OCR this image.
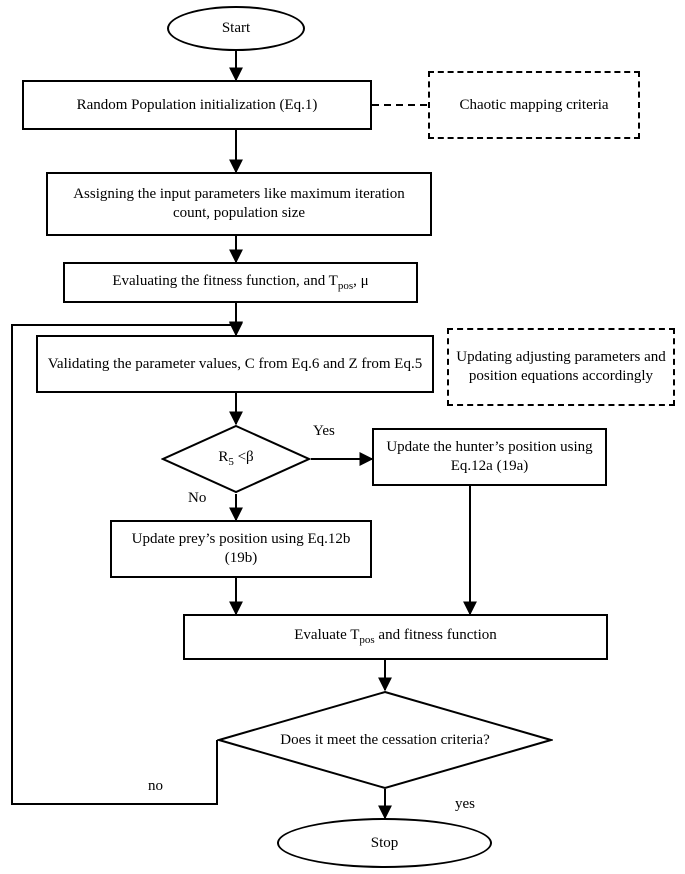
Start
Random Population initialization (Eq.1)	Chaotic mapping criteria
Assigning the input parameters like maximum iteration count, population size
Evaluating the fitness function, and $T_{pos}$, μ
Validating the parameter values, C from Eq.6 and Z from Eq.5	Updating adjusting parameters and position equations accordingly
$R_5 <\beta$
Yes
No
Update the hunter’s position using Eq.12a (19a)
Update prey’s position using Eq.12b (19b)
Evaluate $T_{pos}$ and fitness function
Does it meet the cessation criteria?
no
yes
Stop
